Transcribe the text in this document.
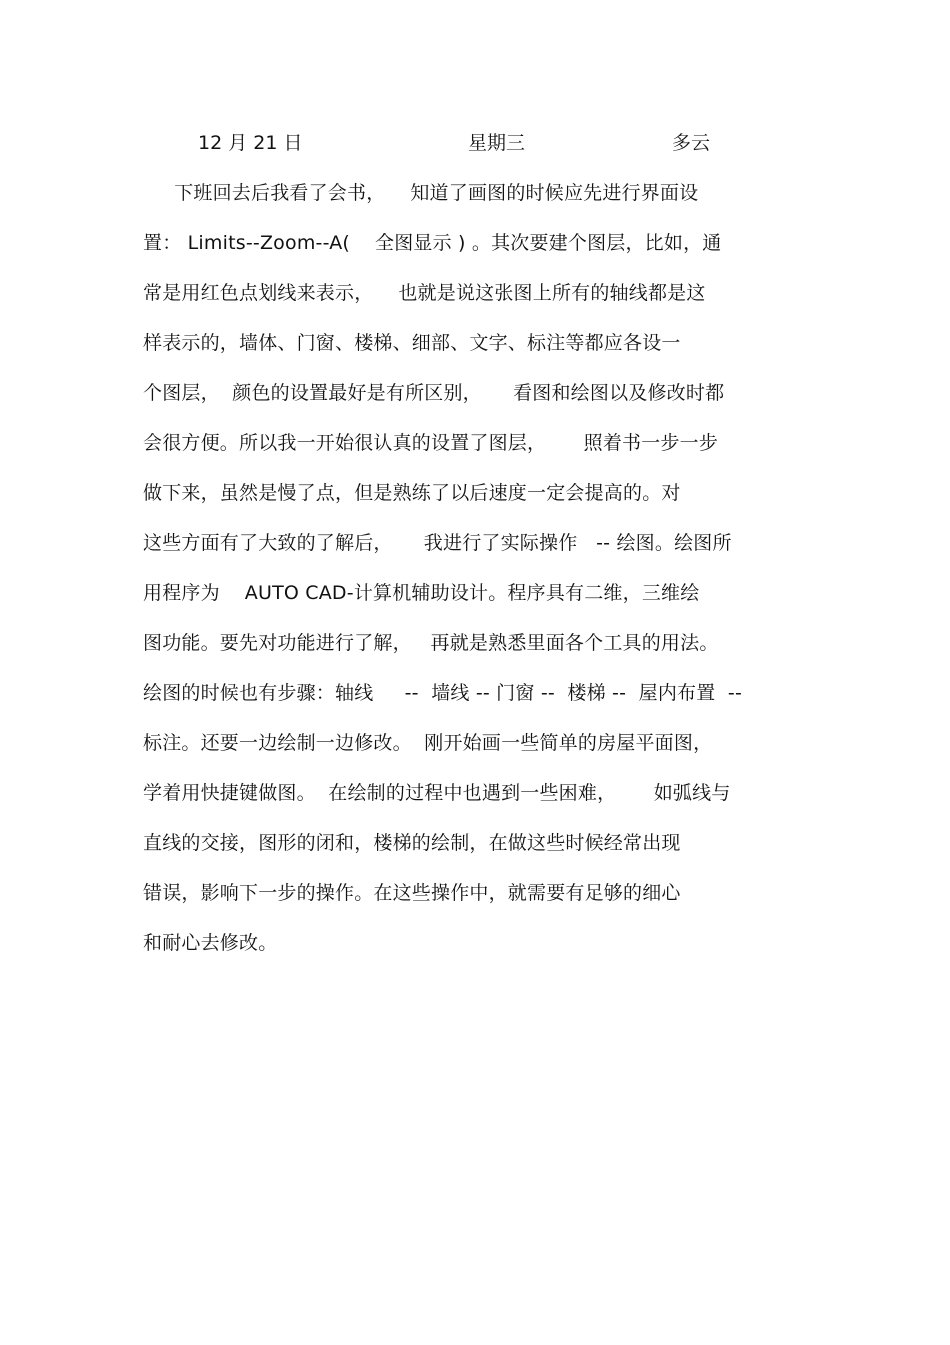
12 月 21 日	星期三	多云
下班回去后我看了会书，    知道了画图的时候应先进行界面设
置： Limits--Zoom--A(    全图显示 ) 。其次要建个图层，比如，通
常是用红色点划线来表示，    也就是说这张图上所有的轴线都是这
样表示的，墙体、门窗、楼梯、细部、文字、标注等都应各设一
个图层，  颜色的设置最好是有所区别，     看图和绘图以及修改时都
会很方便。所以我一开始很认真的设置了图层，      照着书一步一步
做下来，虽然是慢了点，但是熟练了以后速度一定会提高的。对
这些方面有了大致的了解后，     我进行了实际操作   -- 绘图。绘图所
用程序为    AUTO CAD-计算机辅助设计。程序具有二维，三维绘
图功能。要先对功能进行了解，   再就是熟悉里面各个工具的用法。
绘图的时候也有步骤：轴线     --  墙线 -- 门窗 --  楼梯 --  屋内布置  --
标注。还要一边绘制一边修改。  刚开始画一些简单的房屋平面图，
学着用快捷键做图。  在绘制的过程中也遇到一些困难，      如弧线与
直线的交接，图形的闭和，楼梯的绘制，在做这些时候经常出现
错误，影响下一步的操作。在这些操作中，就需要有足够的细心
和耐心去修改。
